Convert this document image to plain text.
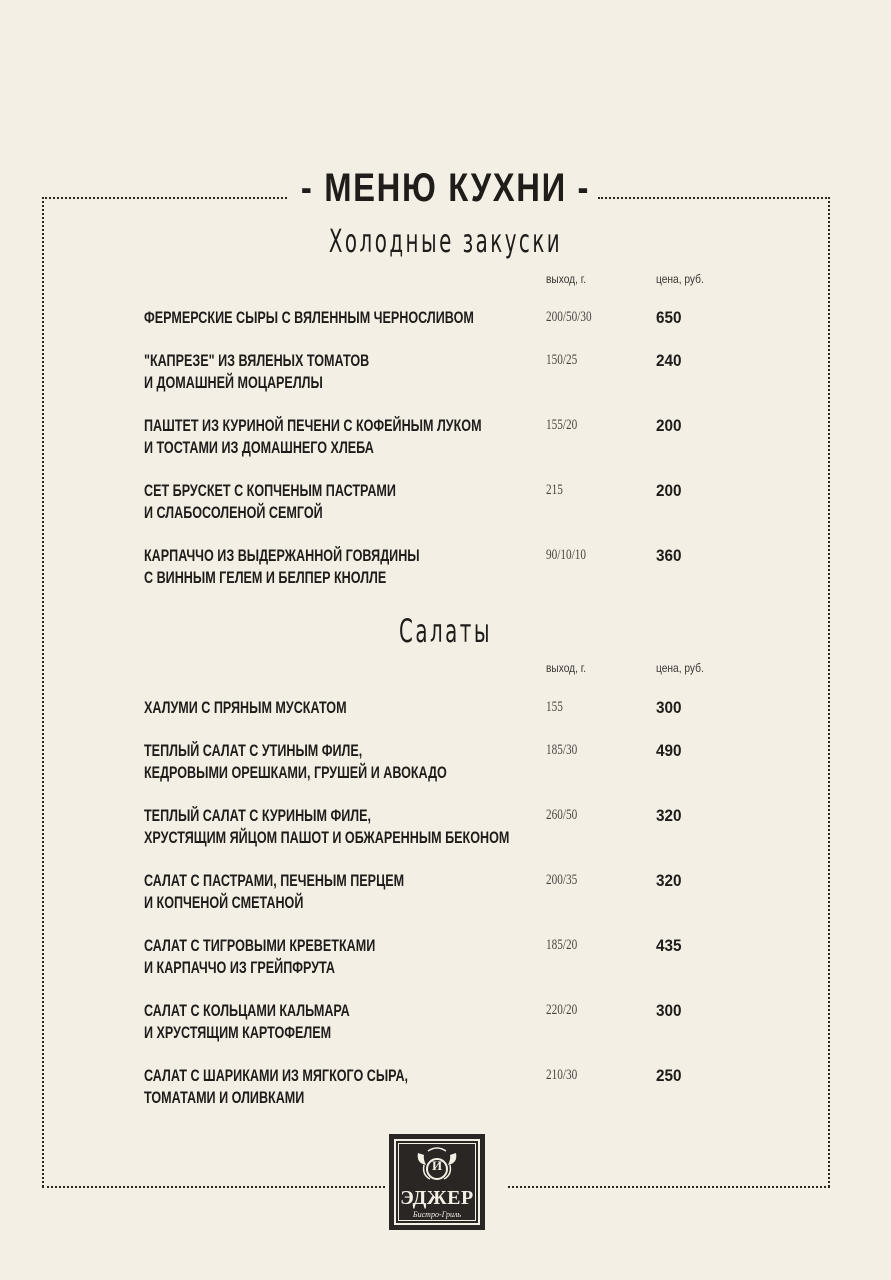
- МЕНЮ КУХНИ -
Холодные закуски
выход, г.	цена, руб.
ФЕРМЕРСКИЕ СЫРЫ С ВЯЛЕННЫМ ЧЕРНОСЛИВОМ	200/50/30	650
"КАПРЕЗЕ" ИЗ ВЯЛЕНЫХ ТОМАТОВ
И ДОМАШНЕЙ МОЦАРЕЛЛЫ
150/25	240
ПАШТЕТ ИЗ КУРИНОЙ ПЕЧЕНИ С КОФЕЙНЫМ ЛУКОМ
И ТОСТАМИ ИЗ ДОМАШНЕГО ХЛЕБА
155/20	200
СЕТ БРУСКЕТ С КОПЧЕНЫМ ПАСТРАМИ
И СЛАБОСОЛЕНОЙ СЕМГОЙ
215	200
КАРПАЧЧО ИЗ ВЫДЕРЖАННОЙ ГОВЯДИНЫ
С ВИННЫМ ГЕЛЕМ И БЕЛПЕР КНОЛЛЕ
90/10/10	360
Салаты
выход, г.	цена, руб.
ХАЛУМИ С ПРЯНЫМ МУСКАТОМ	155	300
ТЕПЛЫЙ САЛАТ С УТИНЫМ ФИЛЕ,
КЕДРОВЫМИ ОРЕШКАМИ, ГРУШЕЙ И АВОКАДО
185/30	490
ТЕПЛЫЙ САЛАТ С КУРИНЫМ ФИЛЕ,
ХРУСТЯЩИМ ЯЙЦОМ ПАШОТ И ОБЖАРЕННЫМ БЕКОНОМ
260/50	320
САЛАТ С ПАСТРАМИ, ПЕЧЕНЫМ ПЕРЦЕМ
И КОПЧЕНОЙ СМЕТАНОЙ
200/35	320
САЛАТ С ТИГРОВЫМИ КРЕВЕТКАМИ
И КАРПАЧЧО ИЗ ГРЕЙПФРУТА
185/20	435
САЛАТ С КОЛЬЦАМИ КАЛЬМАРА
И ХРУСТЯЩИМ КАРТОФЕЛЕМ
220/20	300
САЛАТ С ШАРИКАМИ ИЗ МЯГКОГО СЫРА,
ТОМАТАМИ И ОЛИВКАМИ
210/30	250
И
ЭДЖЕР
Бистро-Гриль
